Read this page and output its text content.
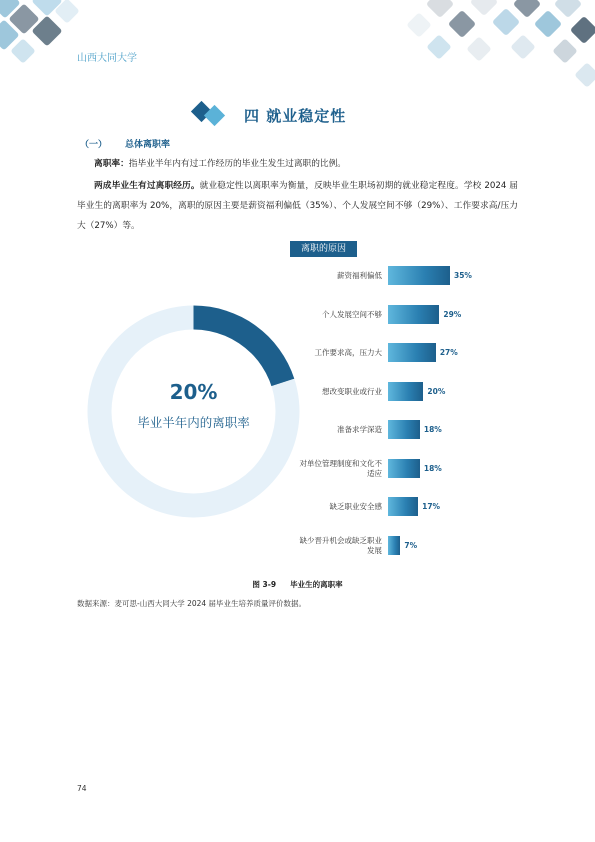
山西大同大学
四 就业稳定性
（一） 总体离职率

离职率：指毕业半年内有过工作经历的毕业生发生过离职的比例。

两成毕业生有过离职经历。就业稳定性以离职率为衡量，反映毕业生职场初期的就业稳定程度。学校 2024 届毕业生的离职率为 20%，离职的原因主要是薪资福利偏低（35%）、个人发展空间不够（29%）、工作要求高/压力大（27%）等。

20%
毕业半年内的离职率
离职的原因
薪资福利偏低	35%
个人发展空间不够	29%
工作要求高，压力大	27%
想改变职业或行业	20%
准备求学深造	18%
对单位管理制度和文化不适应
18%
缺乏职业安全感	17%
缺少晋升机会或缺乏职业发展
7%
图 3-9 毕业生的离职率
数据来源：麦可思-山西大同大学 2024 届毕业生培养质量评价数据。
74
